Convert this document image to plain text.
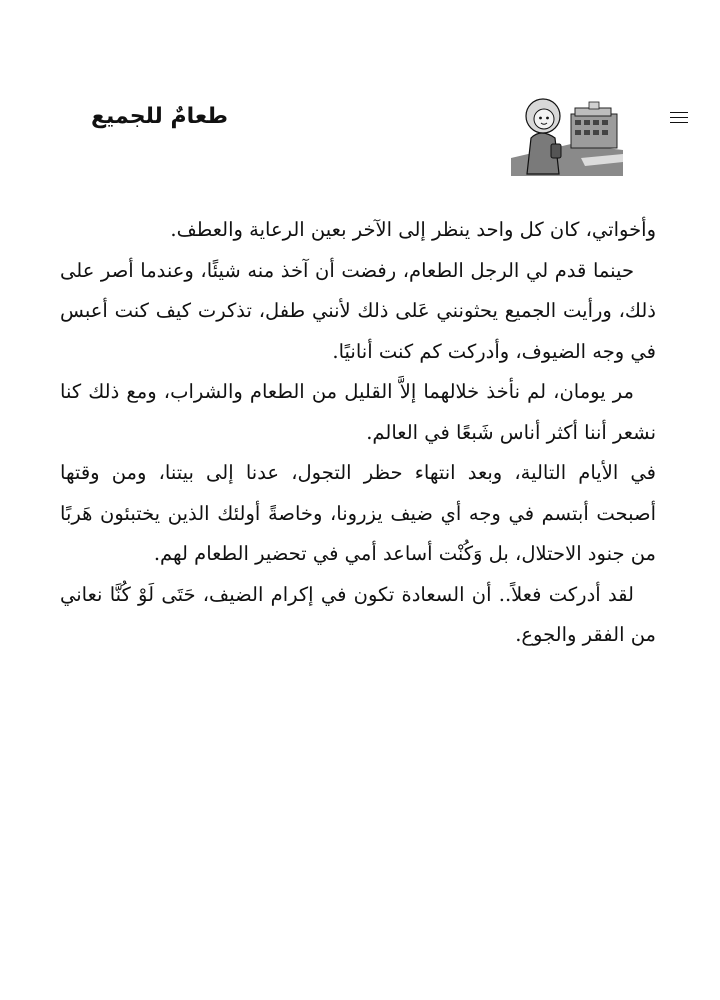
طعامٌ للجميع

وأخواتي، كان كل واحد ينظر إلى الآخر بعين الرعاية والعطف.

حينما قدم لي الرجل الطعام، رفضت أن آخذ منه شيئًا، وعندما أصر على ذلك، ورأيت الجميع يحثونني عَلى ذلك لأنني طفل، تذكرت كيف كنت أعبس في وجه الضيوف، وأدركت كم كنت أنانيًا.

مر يومان، لم نأخذ خلالهما إلاَّ القليل من الطعام والشراب، ومع ذلك كنا نشعر أننا أكثر أناس شَبعًا في العالم.

في الأيام التالية، وبعد انتهاء حظر التجول، عدنا إلى بيتنا، ومن وقتها أصبحت أبتسم في وجه أي ضيف يزرونا، وخاصةً أولئك الذين يختبئون هَربًا من جنود الاحتلال، بل وَكُنْت أساعد أمي في تحضير الطعام لهم.

لقد أدركت فعلاً.. أن السعادة تكون في إكرام الضيف، حَتَى لَوْ كُنَّا نعاني من الفقر والجوع.
